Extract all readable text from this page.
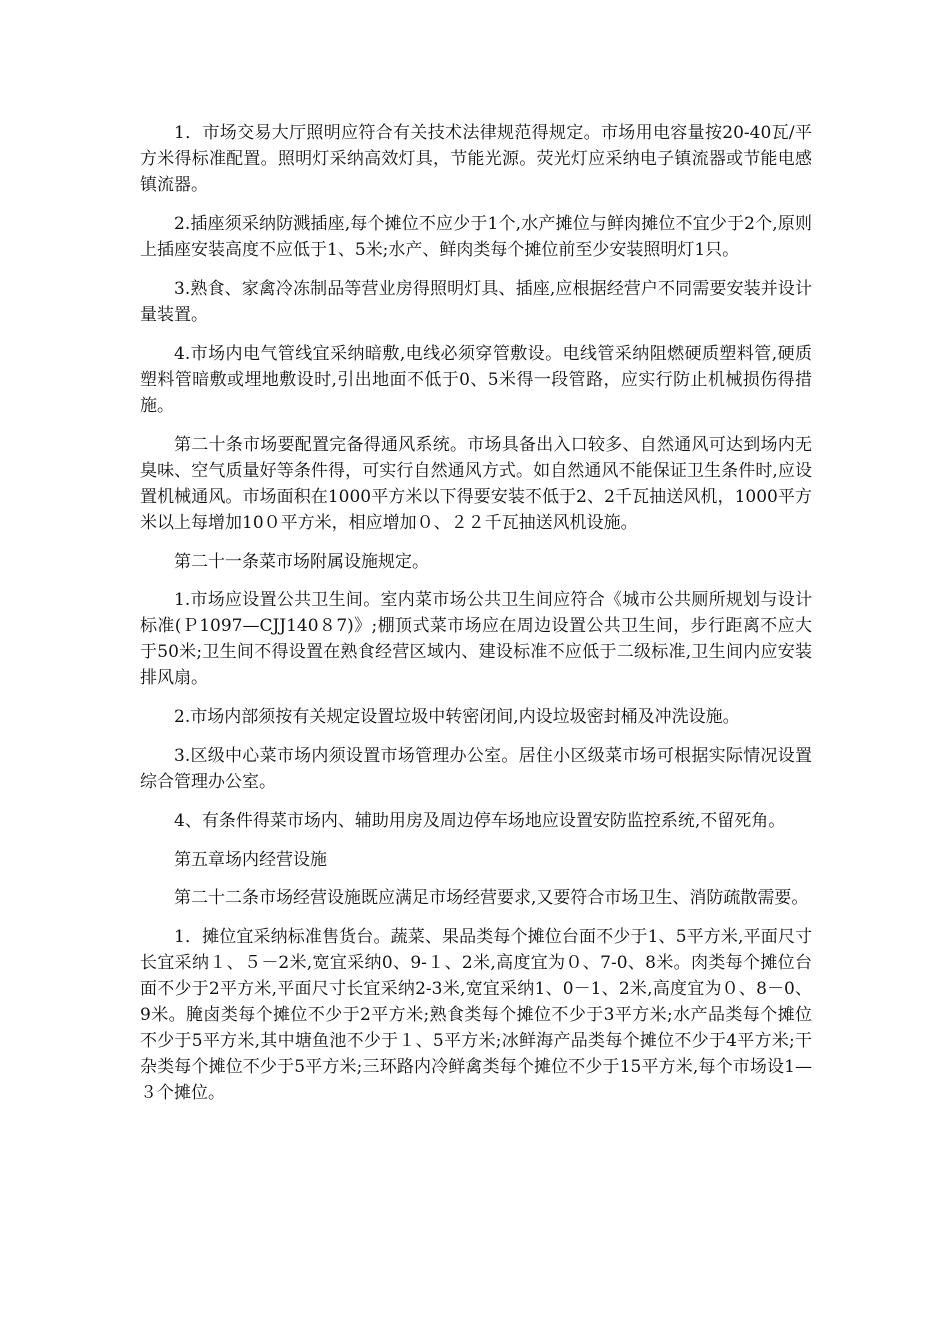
1．市场交易大厅照明应符合有关技术法律规范得规定。市场用电容量按20-40瓦/平方米得标准配置。照明灯采纳高效灯具，节能光源。荧光灯应采纳电子镇流器或节能电感镇流器。

2.插座须采纳防溅插座,每个摊位不应少于1个,水产摊位与鲜肉摊位不宜少于2个,原则上插座安装高度不应低于1、5米;水产、鲜肉类每个摊位前至少安装照明灯1只。

3.熟食、家禽冷冻制品等营业房得照明灯具、插座,应根据经营户不同需要安装并设计量装置。

4.市场内电气管线宜采纳暗敷,电线必须穿管敷设。电线管采纳阻燃硬质塑料管,硬质塑料管暗敷或埋地敷设时,引出地面不低于0、5米得一段管路，应实行防止机械损伤得措施。

第二十条市场要配置完备得通风系统。市场具备出入口较多、自然通风可达到场内无臭味、空气质量好等条件得，可实行自然通风方式。如自然通风不能保证卫生条件时,应设置机械通风。市场面积在1000平方米以下得要安装不低于2、2千瓦抽送风机，1000平方米以上每增加10０平方米，相应增加０、２２千瓦抽送风机设施。

第二十一条菜市场附属设施规定。

1.市场应设置公共卫生间。室内菜市场公共卫生间应符合《城市公共厕所规划与设计标准(Ｐ1097—CJJ140８7)》;棚顶式菜市场应在周边设置公共卫生间，步行距离不应大于50米;卫生间不得设置在熟食经营区域内、建设标准不应低于二级标准,卫生间内应安装排风扇。

2.市场内部须按有关规定设置垃圾中转密闭间,内设垃圾密封桶及冲洗设施。

3.区级中心菜市场内须设置市场管理办公室。居住小区级菜市场可根据实际情况设置综合管理办公室。

4、有条件得菜市场内、辅助用房及周边停车场地应设置安防监控系统,不留死角。

第五章场内经营设施

第二十二条市场经营设施既应满足市场经营要求,又要符合市场卫生、消防疏散需要。

1．摊位宜采纳标准售货台。蔬菜、果品类每个摊位台面不少于1、5平方米,平面尺寸长宜采纳１、５－2米,宽宜采纳0、9-１、2米,高度宜为０、7-0、8米。肉类每个摊位台面不少于2平方米,平面尺寸长宜采纳2-3米,宽宜采纳1、0－1、2米,高度宜为０、8－0、9米。腌卤类每个摊位不少于2平方米;熟食类每个摊位不少于3平方米;水产品类每个摊位不少于5平方米,其中塘鱼池不少于１、5平方米;冰鲜海产品类每个摊位不少于4平方米;干杂类每个摊位不少于5平方米;三环路内冷鲜禽类每个摊位不少于15平方米,每个市场设1—３个摊位。
